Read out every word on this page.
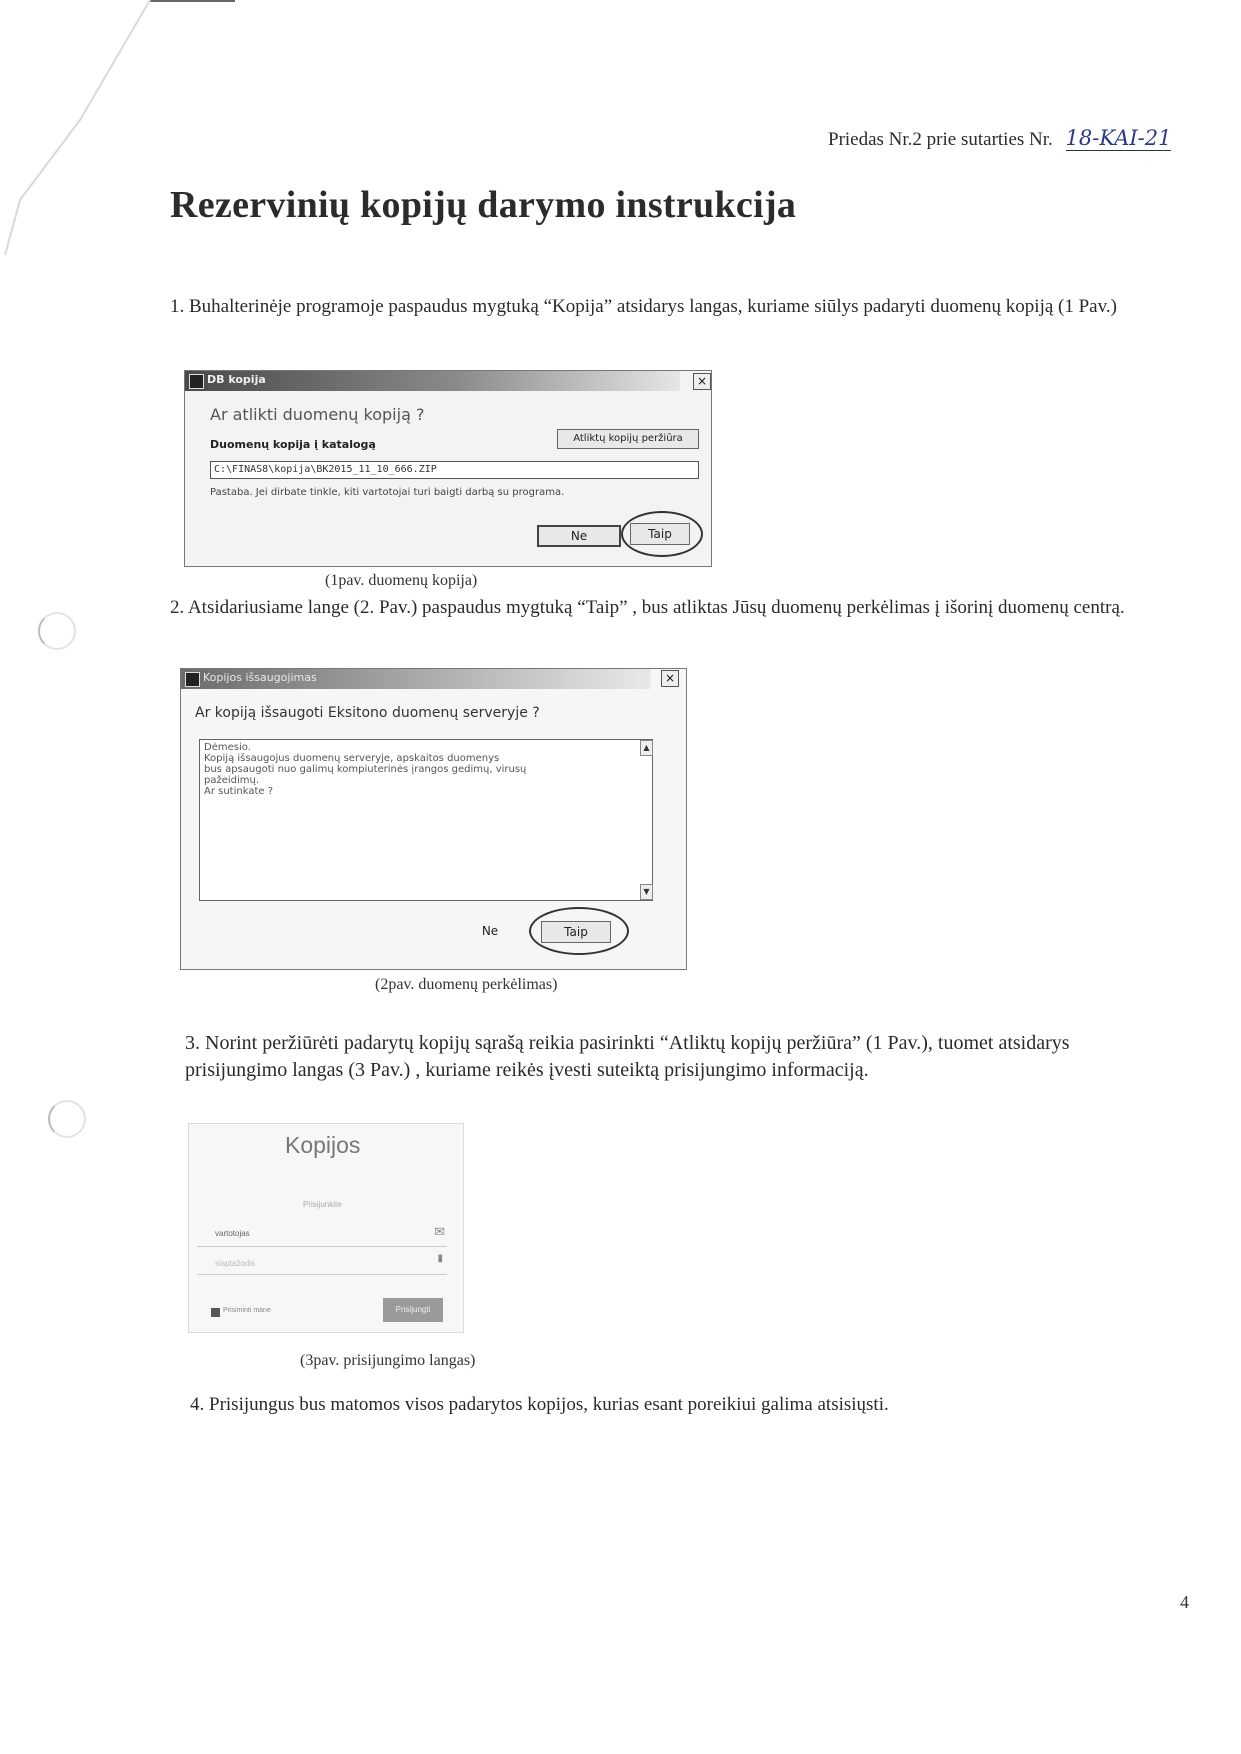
Priedas Nr.2 prie sutarties Nr. 18-KAI-21
Rezervinių kopijų darymo instrukcija
1. Buhalterinėje programoje paspaudus mygtuką “Kopija” atsidarys langas, kuriame siūlys padaryti duomenų kopiją (1 Pav.)
DB kopija	×
Ar atlikti duomenų kopiją ?
Duomenų kopija į katalogą	Atliktų kopijų peržiūra
C:\FINAS8\kopija\BK2015_11_10_666.ZIP
Pastaba. Jei dirbate tinkle, kiti vartotojai turi baigti darbą su programa.
Ne	Taip
(1pav. duomenų kopija)
2. Atsidariusiame lange (2. Pav.) paspaudus mygtuką “Taip” , bus atliktas Jūsų duomenų perkėlimas į išorinį duomenų centrą.
Kopijos išsaugojimas	×
Ar kopiją išsaugoti Eksitono duomenų serveryje ?
Dėmesio.
Kopiją išsaugojus duomenų serveryje, apskaitos duomenys
bus apsaugoti nuo galimų kompiuterinės įrangos gedimų, virusų
pažeidimų.
Ar sutinkate ?
▲
▼
Ne	Taip
(2pav. duomenų perkėlimas)
3. Norint peržiūrėti padarytų kopijų sąrašą reikia pasirinkti “Atliktų kopijų peržiūra” (1 Pav.), tuomet atsidarys prisijungimo langas (3 Pav.) , kuriame reikės įvesti suteiktą prisijungimo informaciją.
Kopijos
Prisijunkite
vartotojas	✉
slaptažodis	▮
Prisiminti mane	Prisijungti
(3pav. prisijungimo langas)
4. Prisijungus bus matomos visos padarytos kopijos, kurias esant poreikiui galima atsisiųsti.
4
